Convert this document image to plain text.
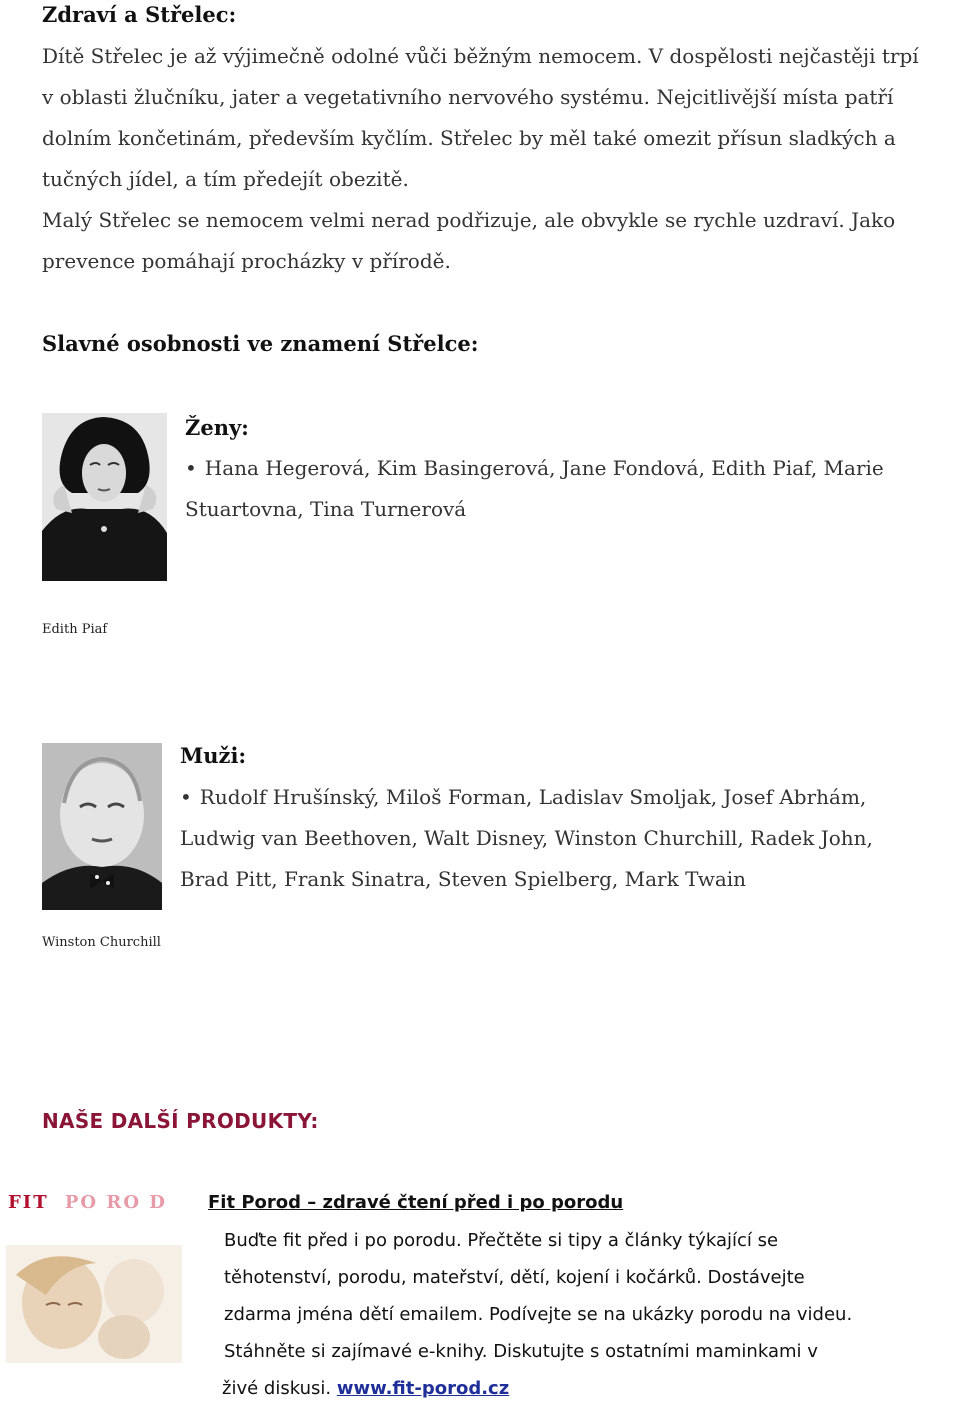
Zdraví a Střelec:
Dítě Střelec je až výjimečně odolné vůči běžným nemocem. V dospělosti nejčastěji trpí
v oblasti žlučníku, jater a vegetativního nervového systému. Nejcitlivější místa patří
dolním končetinám, především kyčlím. Střelec by měl také omezit přísun sladkých a
tučných jídel, a tím předejít obezitě.
Malý Střelec se nemocem velmi nerad podřizuje, ale obvykle se rychle uzdraví. Jako
prevence pomáhají procházky v přírodě.
Slavné osobnosti ve znamení Střelce:
Ženy:
• Hana Hegerová, Kim Basingerová, Jane Fondová, Edith Piaf, Marie
Stuartovna, Tina Turnerová
Edith Piaf
Muži:
• Rudolf Hrušínský, Miloš Forman, Ladislav Smoljak, Josef Abrhám,
Ludwig van Beethoven, Walt Disney, Winston Churchill, Radek John,
Brad Pitt, Frank Sinatra, Steven Spielberg, Mark Twain
Winston Churchill
NAŠE DALŠÍ PRODUKTY:
FIT PO RO D Fit Porod – zdravé čtení před i po porodu
Buďte fit před i po porodu. Přečtěte si tipy a články týkající se
těhotenství, porodu, mateřství, dětí, kojení i kočárků. Dostávejte
zdarma jména dětí emailem. Podívejte se na ukázky porodu na videu.
Stáhněte si zajímavé e-knihy. Diskutujte s ostatními maminkami v
živé diskusi. www.fit-porod.cz
